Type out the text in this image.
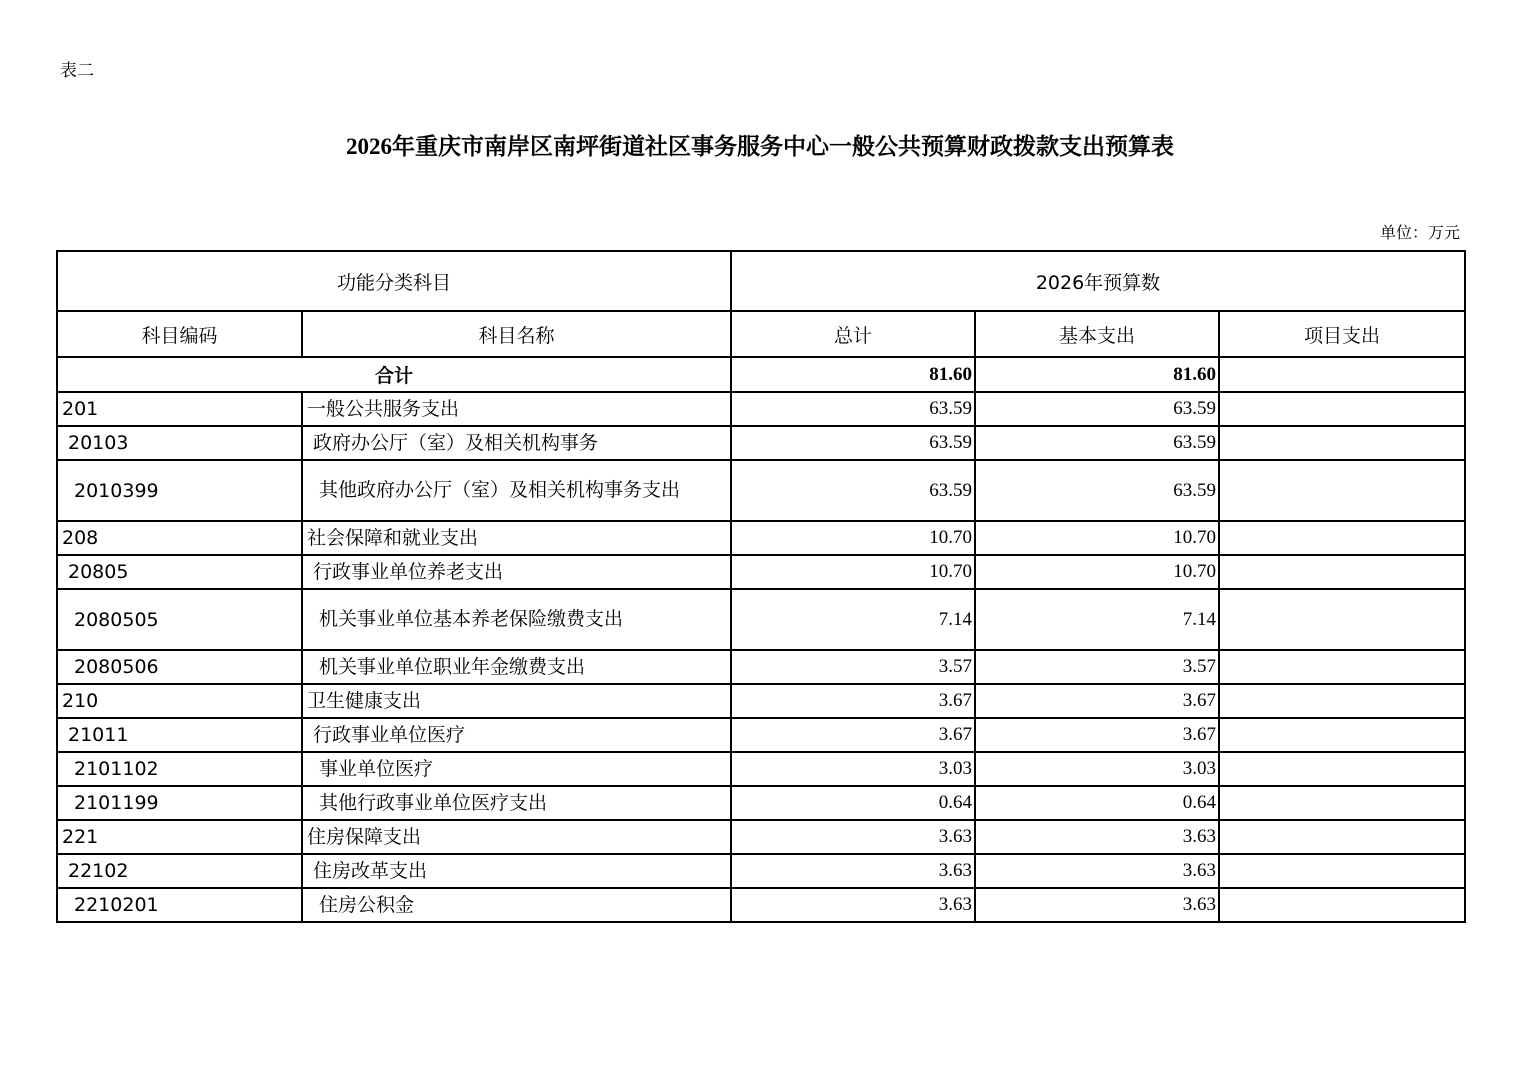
表二
2026年重庆市南岸区南坪街道社区事务服务中心一般公共预算财政拨款支出预算表
单位：万元
功能分类科目		2026年预算数		
科目编码	科目名称	总计	基本支出	项目支出
合计		81.60	81.60	
201	一般公共服务支出	63.59	63.59	
20103	政府办公厅（室）及相关机构事务	63.59	63.59	
2010399	其他政府办公厅（室）及相关机构事务支出	63.59	63.59	
208	社会保障和就业支出	10.70	10.70	
20805	行政事业单位养老支出	10.70	10.70	
2080505	机关事业单位基本养老保险缴费支出	7.14	7.14	
2080506	机关事业单位职业年金缴费支出	3.57	3.57	
210	卫生健康支出	3.67	3.67	
21011	行政事业单位医疗	3.67	3.67	
2101102	事业单位医疗	3.03	3.03	
2101199	其他行政事业单位医疗支出	0.64	0.64	
221	住房保障支出	3.63	3.63	
22102	住房改革支出	3.63	3.63	
2210201	住房公积金	3.63	3.63	
